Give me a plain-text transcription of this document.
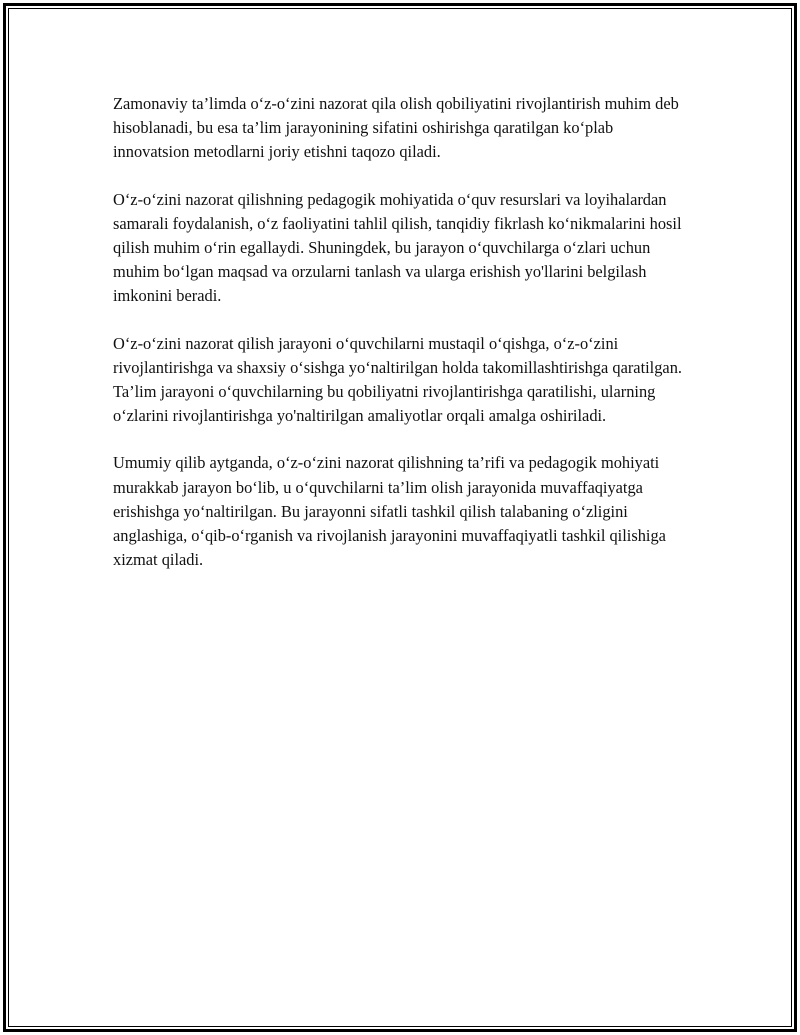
Zamonaviy ta’limda o‘z-o‘zini nazorat qila olish qobiliyatini rivojlantirish muhim deb hisoblanadi, bu esa ta’lim jarayonining sifatini oshirishga qaratilgan ko‘plab innovatsion metodlarni joriy etishni taqozo qiladi.

O‘z-o‘zini nazorat qilishning pedagogik mohiyatida o‘quv resurslari va loyihalardan samarali foydalanish, o‘z faoliyatini tahlil qilish, tanqidiy fikrlash ko‘nikmalarini hosil qilish muhim o‘rin egallaydi. Shuningdek, bu jarayon o‘quvchilarga o‘zlari uchun muhim bo‘lgan maqsad va orzularni tanlash va ularga erishish yo'llarini belgilash imkonini beradi.

O‘z-o‘zini nazorat qilish jarayoni o‘quvchilarni mustaqil o‘qishga, o‘z-o‘zini rivojlantirishga va shaxsiy o‘sishga yo‘naltirilgan holda takomillashtirishga qaratilgan. Ta’lim jarayoni o‘quvchilarning bu qobiliyatni rivojlantirishga qaratilishi, ularning o‘zlarini rivojlantirishga yo'naltirilgan amaliyotlar orqali amalga oshiriladi.

Umumiy qilib aytganda, o‘z-o‘zini nazorat qilishning ta’rifi va pedagogik mohiyati murakkab jarayon bo‘lib, u o‘quvchilarni ta’lim olish jarayonida muvaffaqiyatga erishishga yo‘naltirilgan. Bu jarayonni sifatli tashkil qilish talabaning o‘zligini anglashiga, o‘qib-o‘rganish va rivojlanish jarayonini muvaffaqiyatli tashkil qilishiga xizmat qiladi.
